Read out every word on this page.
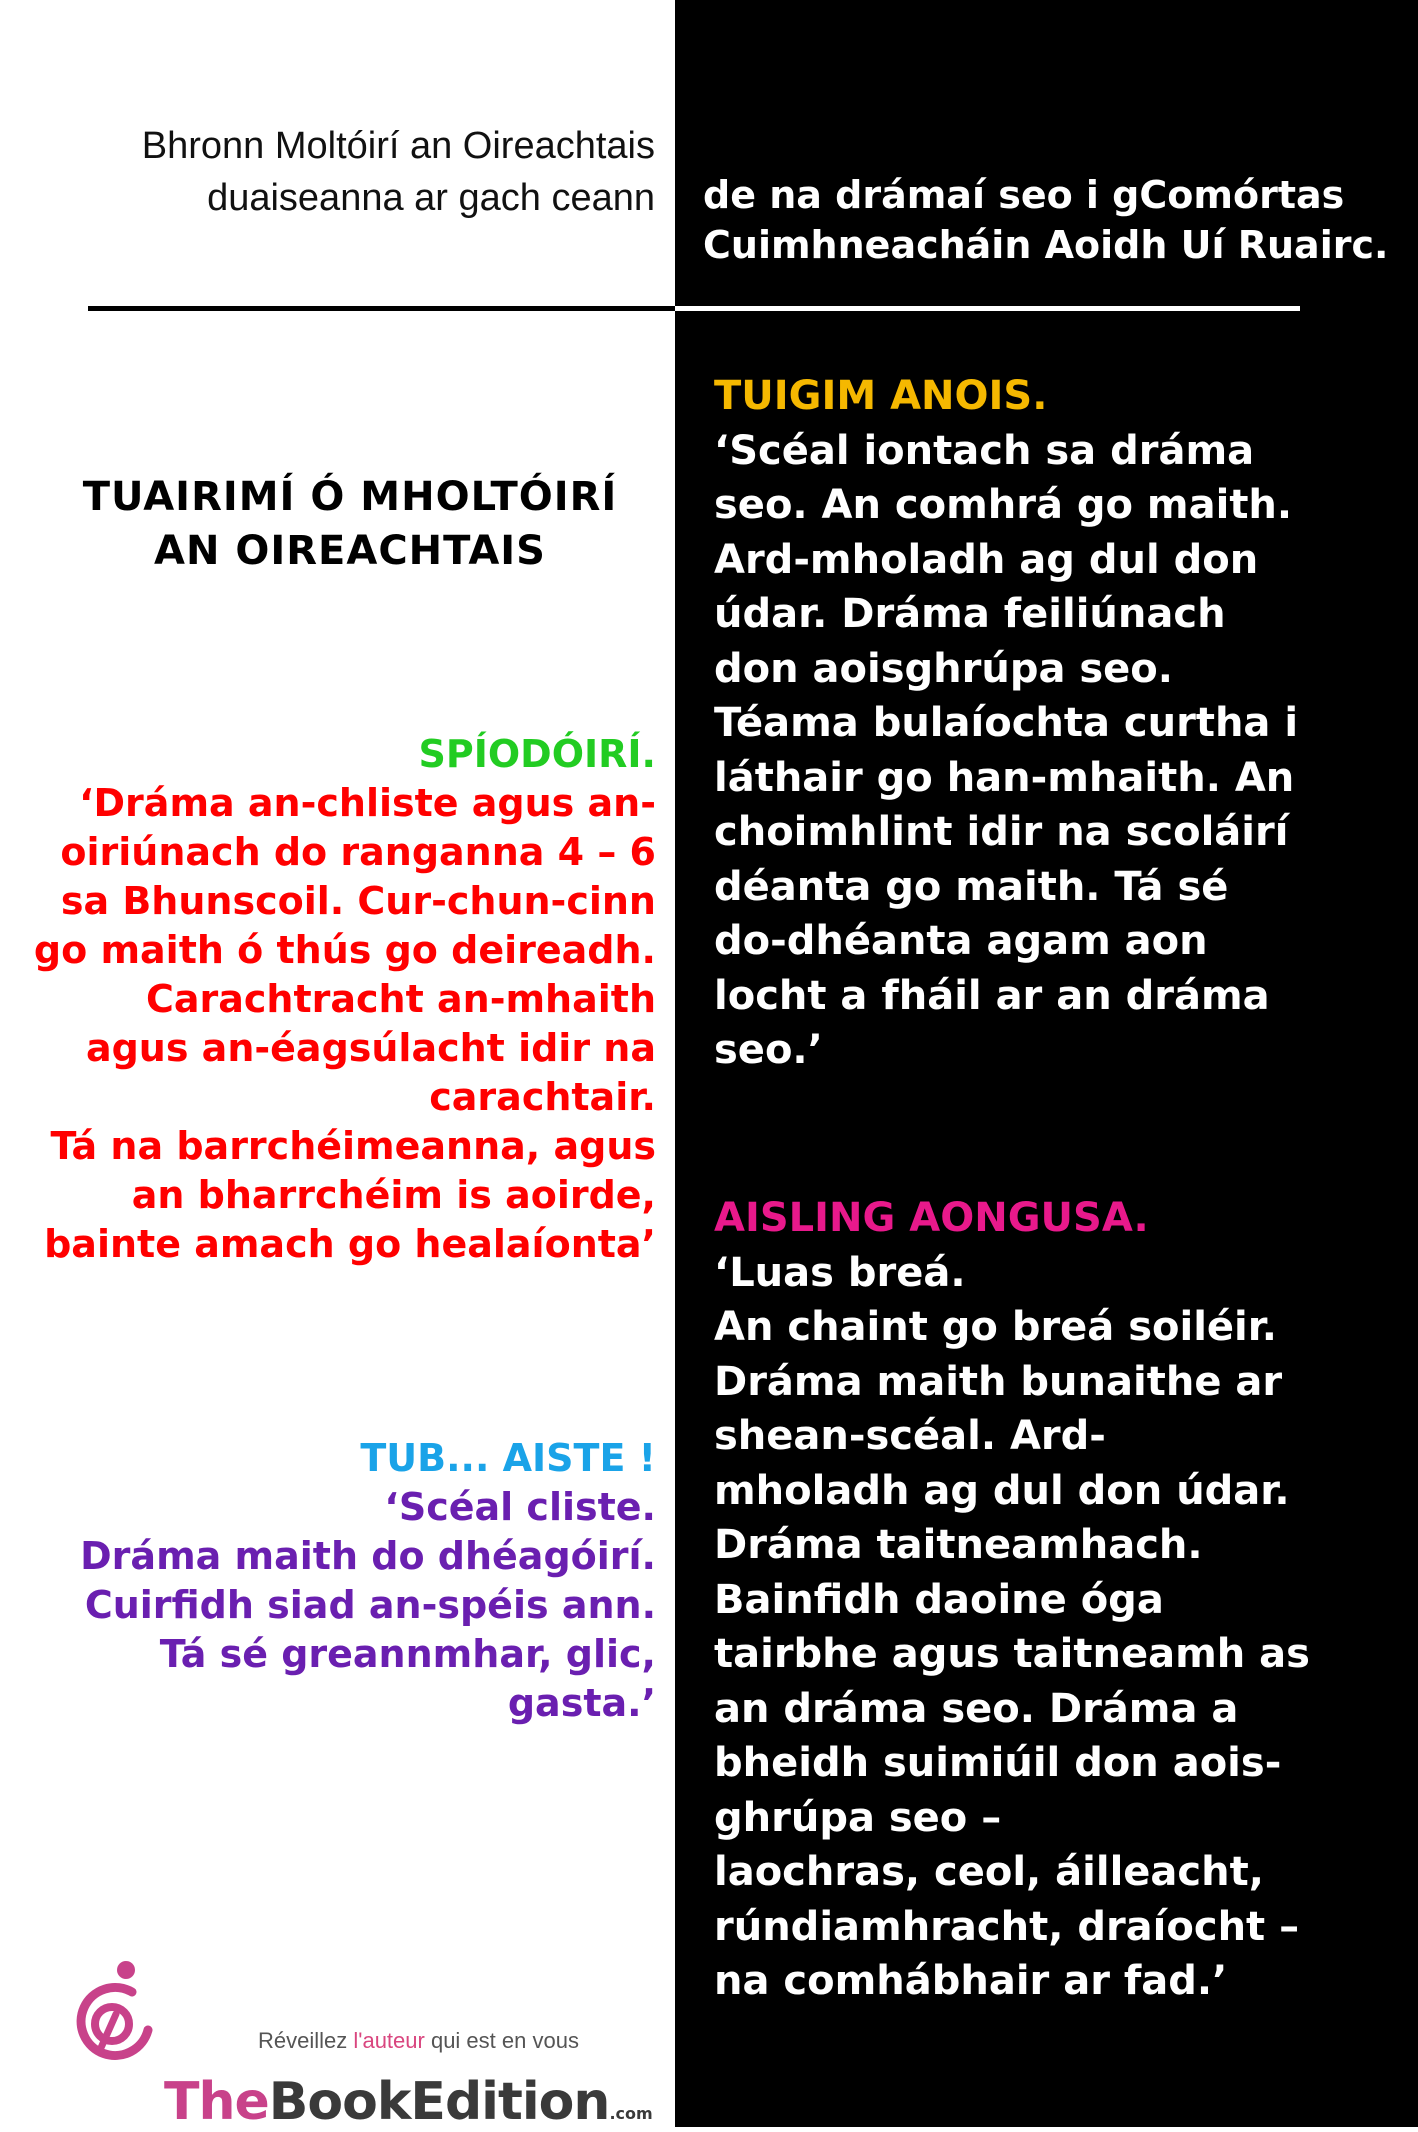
Bhronn Moltóirí an Oireachtais
duaiseanna ar gach ceann de na drámaí seo i gComórtas
Cuimhneacháin Aoidh Uí Ruairc.
TUAIRIMÍ Ó MHOLTÓIRÍ
AN OIREACHTAIS
SPÍODÓIRÍ.
‘Dráma an-chliste agus an-
oiriúnach do ranganna 4 – 6
sa Bhunscoil. Cur-chun-cinn
go maith ó thús go deireadh.
Carachtracht an-mhaith
agus an-éagsúlacht idir na
carachtair.
Tá na barrchéimeanna, agus
an bharrchéim is aoirde,
bainte amach go healaíonta’
TUB... AISTE !
‘Scéal cliste.
Dráma maith do dhéagóirí.
Cuirfidh siad an-spéis ann.
Tá sé greannmhar, glic,
gasta.’
TUIGIM ANOIS.
‘Scéal iontach sa dráma
seo. An comhrá go maith.
Ard-mholadh ag dul don
údar. Dráma feiliúnach
don aoisghrúpa seo.
Téama bulaíochta curtha i
láthair go han-mhaith. An
choimhlint idir na scoláirí
déanta go maith. Tá sé
do-dhéanta agam aon
locht a fháil ar an dráma
seo.’
AISLING AONGUSA.
‘Luas breá.
An chaint go breá soiléir.
Dráma maith bunaithe ar
shean-scéal. Ard-
mholadh ag dul don údar.
Dráma taitneamhach.
Bainfidh daoine óga
tairbhe agus taitneamh as
an dráma seo. Dráma a
bheidh suimiúil don aois-
ghrúpa seo –
laochras, ceol, áilleacht,
rúndiamhracht, draíocht –
na comhábhair ar fad.’
TheBookEdition.com
Réveillez l'auteur qui est en vous
